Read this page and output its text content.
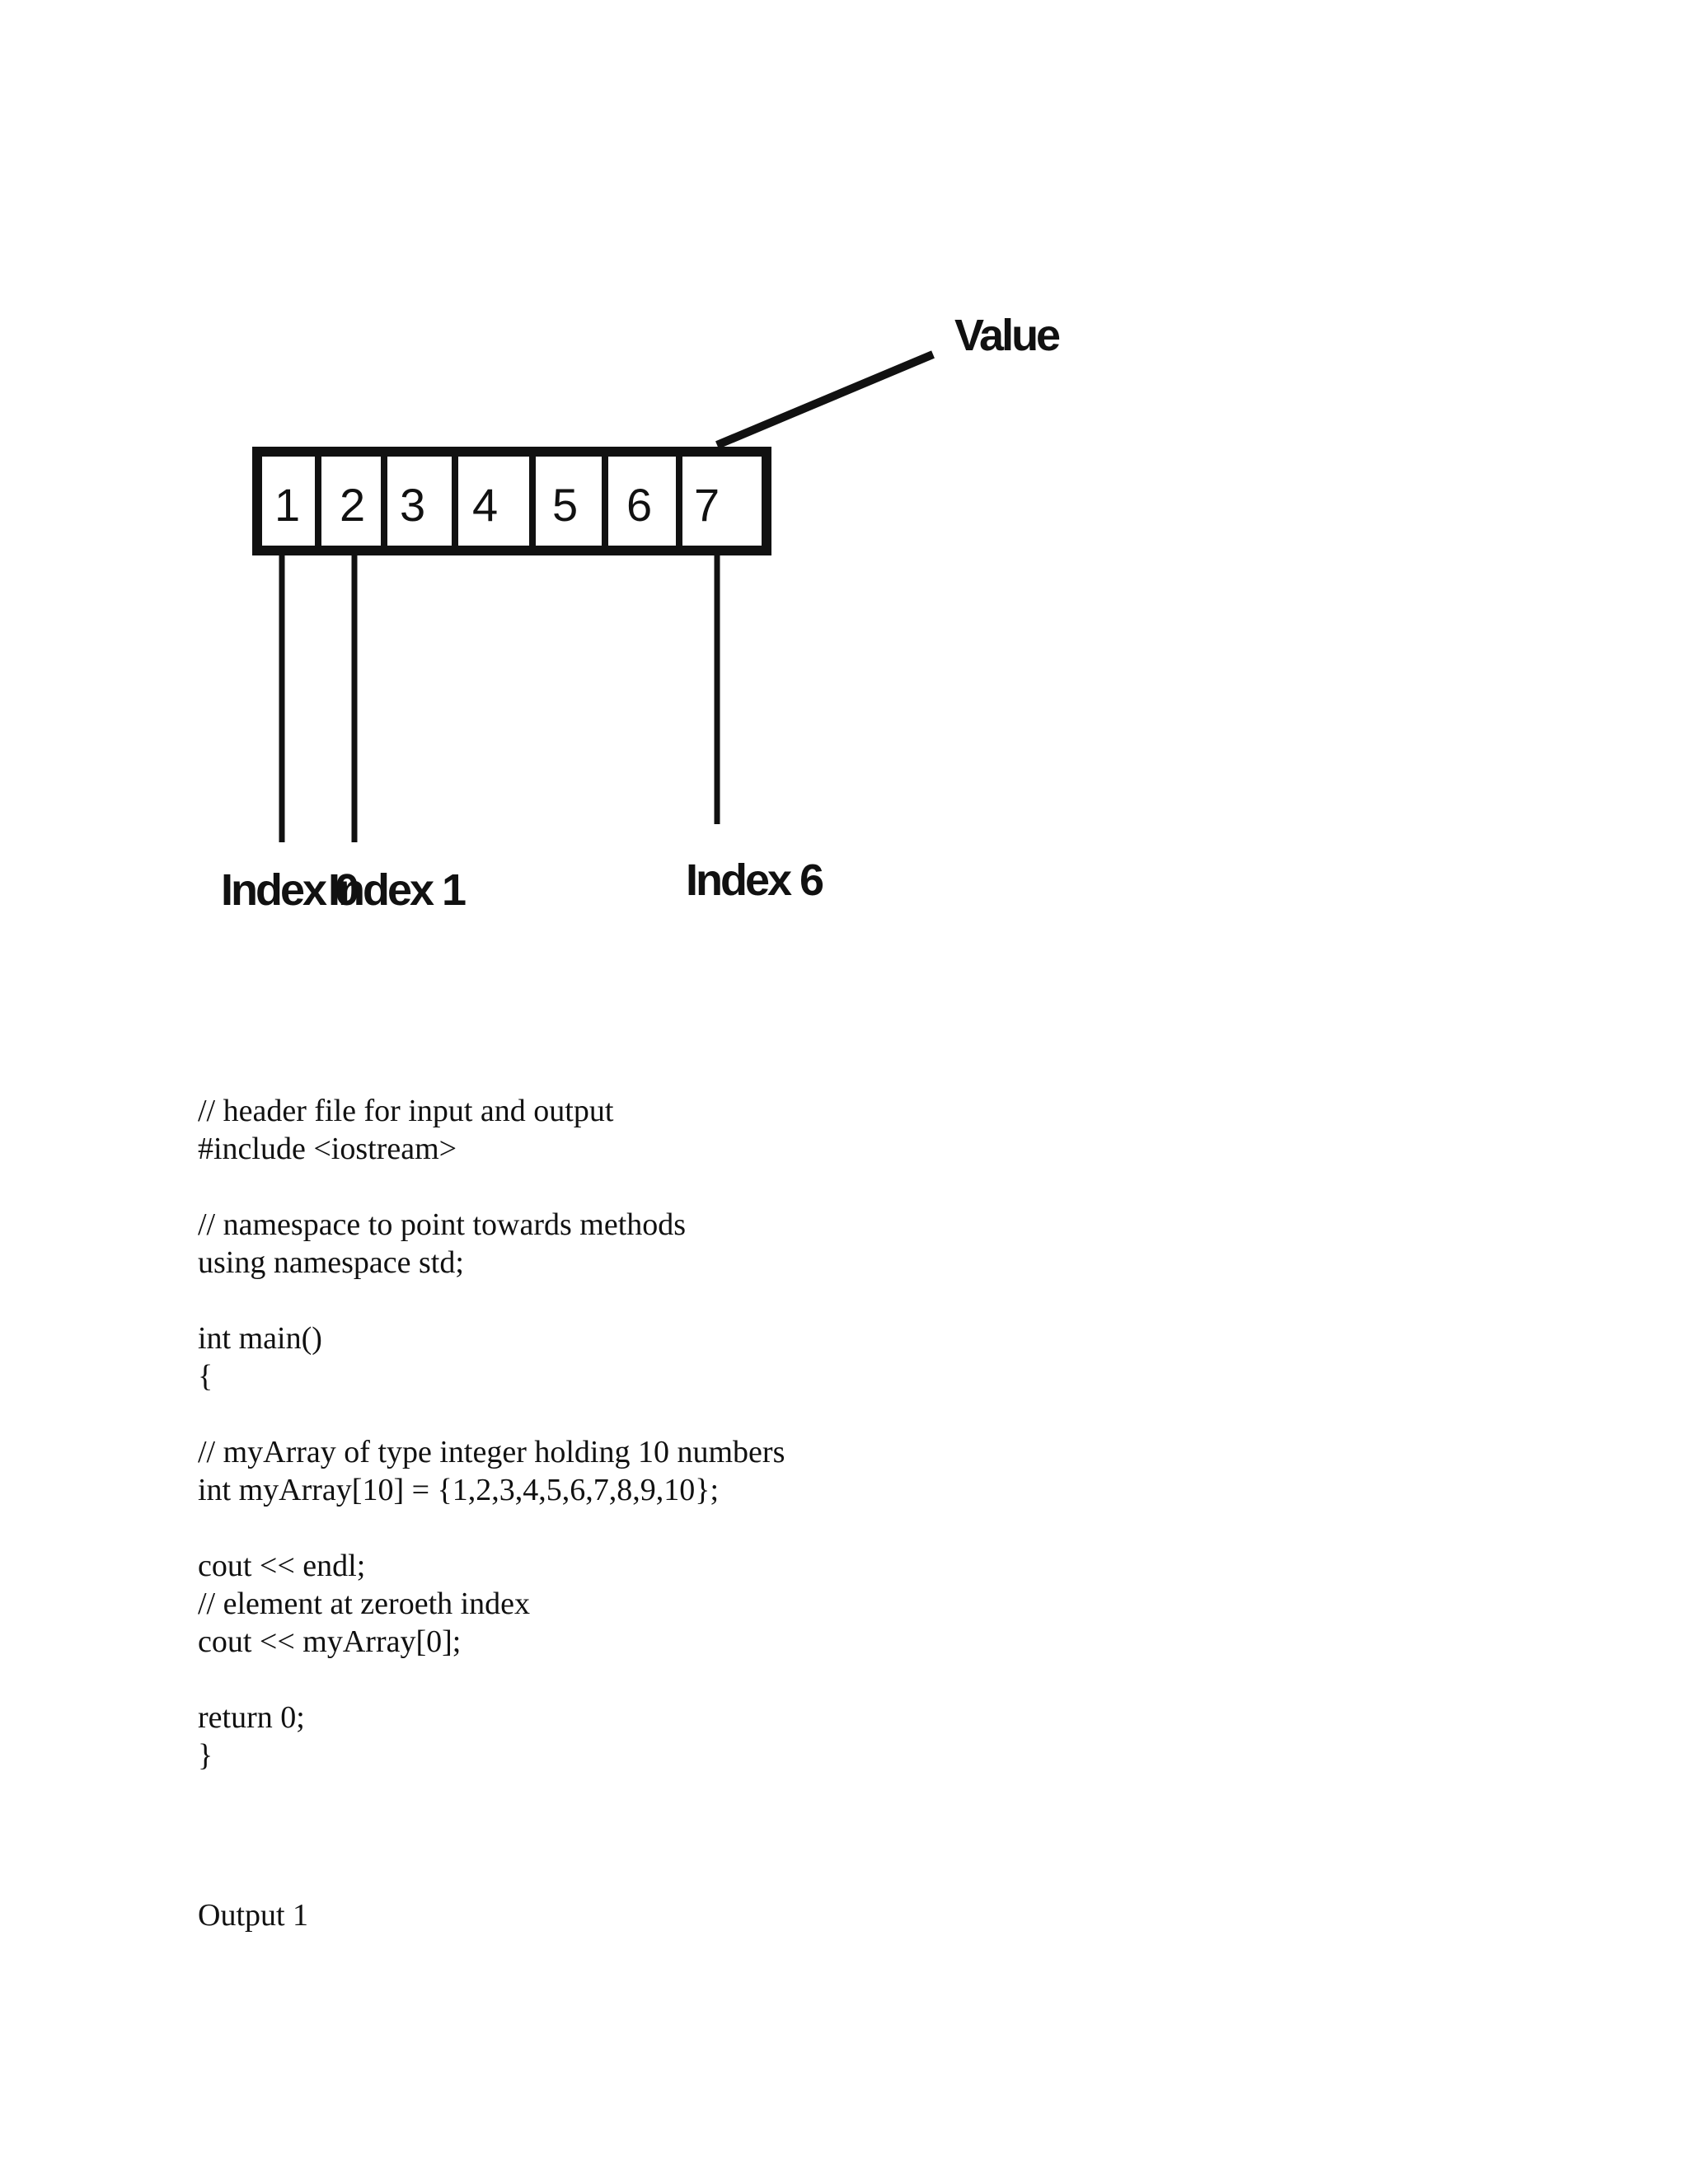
1 2 3 4 5 6 7
Value
Index 0
Index 1	Index 6
// header file for input and output
#include <iostream>
// namespace to point towards methods
using namespace std;
int main()
{
// myArray of type integer holding 10 numbers
int myArray[10] = {1,2,3,4,5,6,7,8,9,10};
cout << endl;
// element at zeroeth index
cout << myArray[0];
return 0;
}
Output 1
